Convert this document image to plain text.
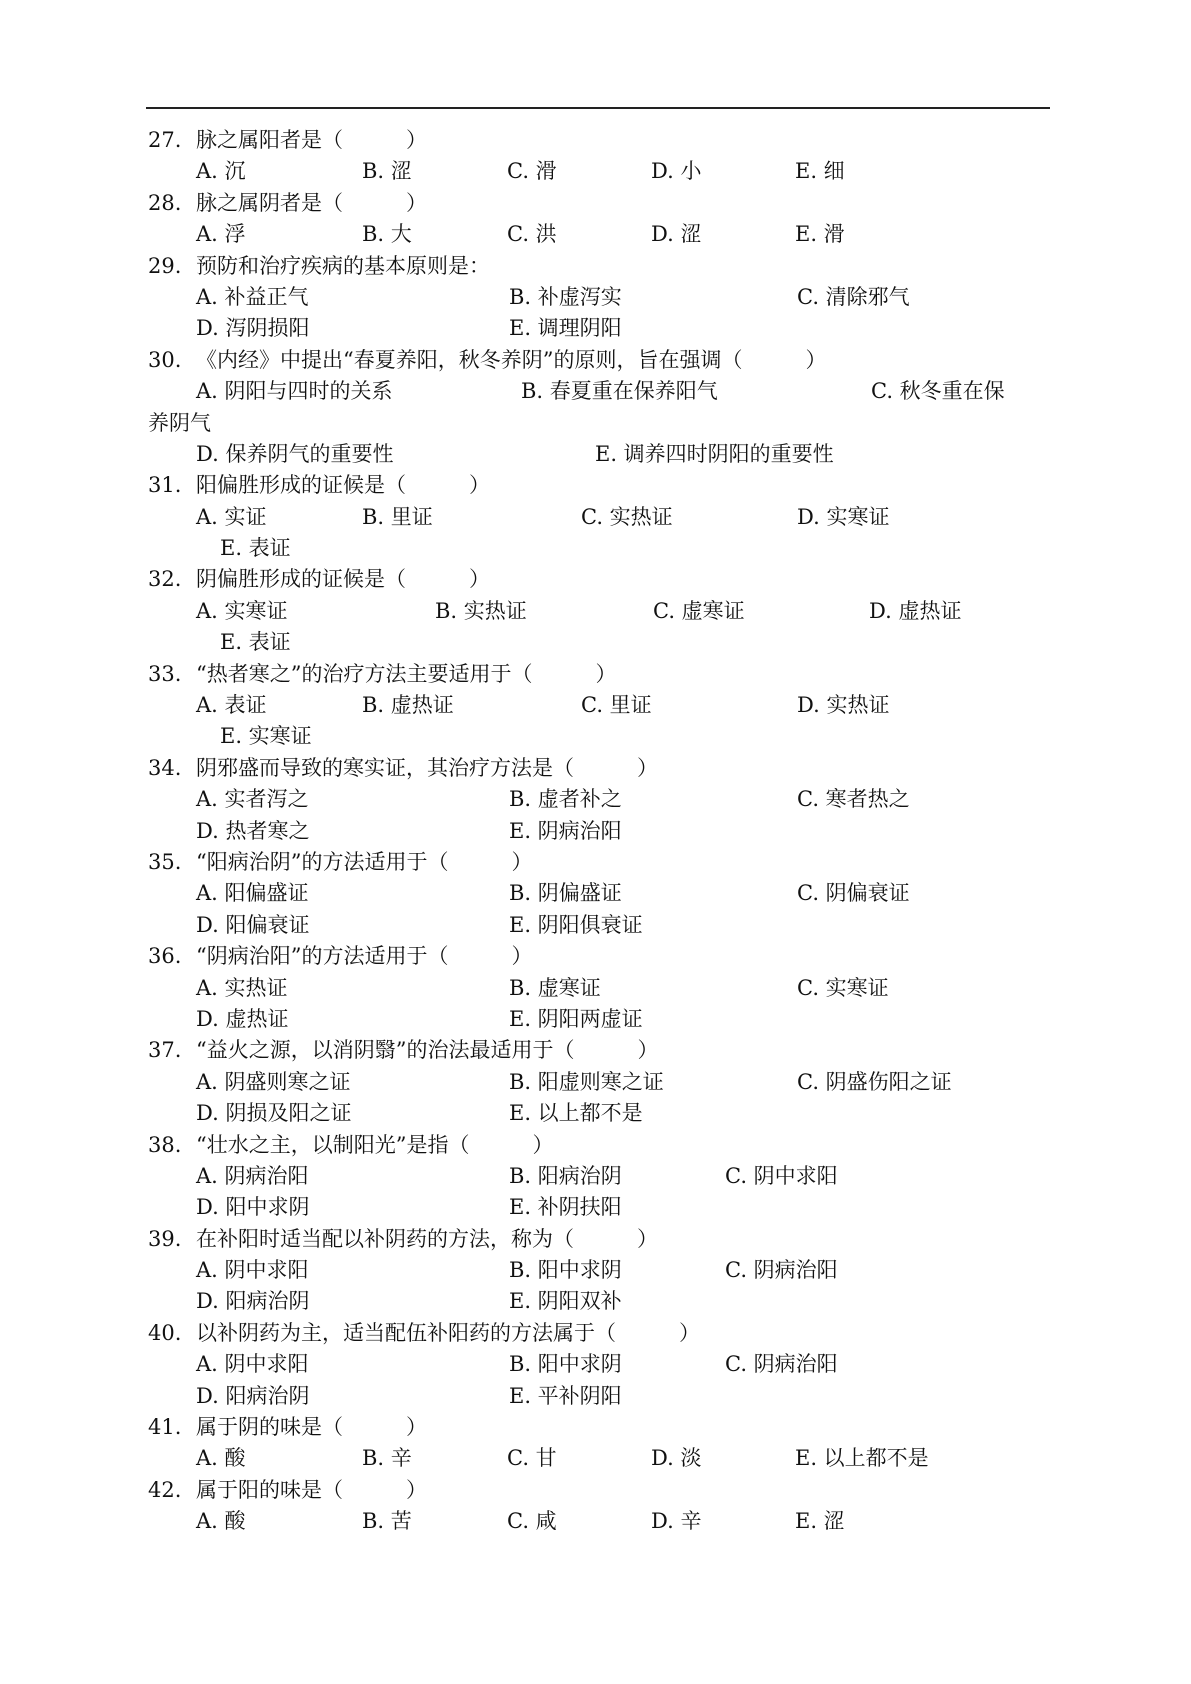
27. 脉之属阳者是（　　　）
A. 沉	B. 涩	C. 滑	D. 小	E. 细
28. 脉之属阴者是（　　　）
A. 浮	B. 大	C. 洪	D. 涩	E. 滑
29. 预防和治疗疾病的基本原则是：
A. 补益正气	B. 补虚泻实	C. 清除邪气
D. 泻阴损阳	E. 调理阴阳
30. 《内经》中提出“春夏养阳，秋冬养阴”的原则，旨在强调（　　　）
A. 阴阳与四时的关系	B. 春夏重在保养阳气	C. 秋冬重在保
养阴气
D. 保养阴气的重要性	E. 调养四时阴阳的重要性
31. 阳偏胜形成的证候是（　　　）
A. 实证	B. 里证	C. 实热证	D. 实寒证
E. 表证
32. 阴偏胜形成的证候是（　　　）
A. 实寒证	B. 实热证	C. 虚寒证	D. 虚热证
E. 表证
33. “热者寒之”的治疗方法主要适用于（　　　）
A. 表证	B. 虚热证	C. 里证	D. 实热证
E. 实寒证
34. 阴邪盛而导致的寒实证，其治疗方法是（　　　）
A. 实者泻之	B. 虚者补之	C. 寒者热之
D. 热者寒之	E. 阴病治阳
35. “阳病治阴”的方法适用于（　　　）
A. 阳偏盛证	B. 阴偏盛证	C. 阴偏衰证
D. 阳偏衰证	E. 阴阳俱衰证
36. “阴病治阳”的方法适用于（　　　）
A. 实热证	B. 虚寒证	C. 实寒证
D. 虚热证	E. 阴阳两虚证
37. “益火之源，以消阴翳”的治法最适用于（　　　）
A. 阴盛则寒之证	B. 阳虚则寒之证	C. 阴盛伤阳之证
D. 阴损及阳之证	E. 以上都不是
38. “壮水之主，以制阳光”是指（　　　）
A. 阴病治阳	B. 阳病治阴	C. 阴中求阳
D. 阳中求阴	E. 补阴扶阳
39. 在补阳时适当配以补阴药的方法，称为（　　　）
A. 阴中求阳	B. 阳中求阴	C. 阴病治阳
D. 阳病治阴	E. 阴阳双补
40. 以补阴药为主，适当配伍补阳药的方法属于（　　　）
A. 阴中求阳	B. 阳中求阴	C. 阴病治阳
D. 阳病治阴	E. 平补阴阳
41. 属于阴的味是（　　　）
A. 酸	B. 辛	C. 甘	D. 淡	E. 以上都不是
42. 属于阳的味是（　　　）
A. 酸	B. 苦	C. 咸	D. 辛	E. 涩
